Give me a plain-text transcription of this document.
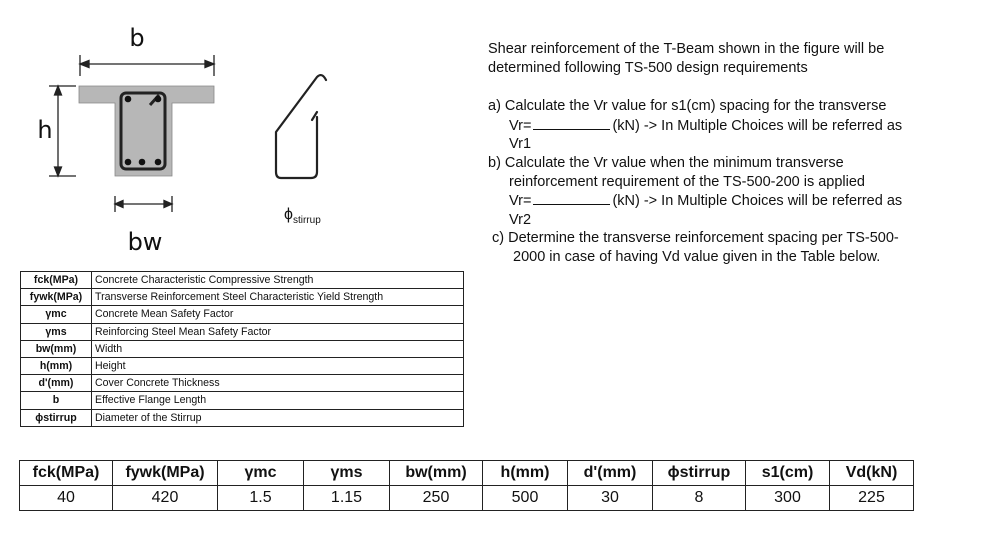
b
h
bw
$\phi_{stirrup}$

Shear reinforcement of the T-Beam shown in the figure will be determined following TS-500 design requirements

a) Calculate the Vr value for s1(cm) spacing for the transverse
Vr=	(kN) -> In Multiple Choices will be referred as
Vr1
b) Calculate the Vr value when the minimum transverse
reinforcement requirement of the TS-500-200 is applied
Vr=	(kN) -> In Multiple Choices will be referred as
Vr2
c) Determine the transverse reinforcement spacing per TS-500-
2000 in case of having Vd value given in the Table below.
fck(MPa)	Concrete Characteristic Compressive Strength
fywk(MPa)	Transverse Reinforcement Steel Characteristic Yield Strength
γmc	Concrete Mean Safety Factor
γms	Reinforcing Steel Mean Safety Factor
bw(mm)	Width
h(mm)	Height
d'(mm)	Cover Concrete Thickness
b	Effective Flange Length
ϕstirrup	Diameter of the Stirrup
fck(MPa)	fywk(MPa)	γmc	γms	bw(mm)	h(mm)	d'(mm)	ϕstirrup	s1(cm)	Vd(kN)
40	420	1.5	1.15	250	500	30	8	300	225
